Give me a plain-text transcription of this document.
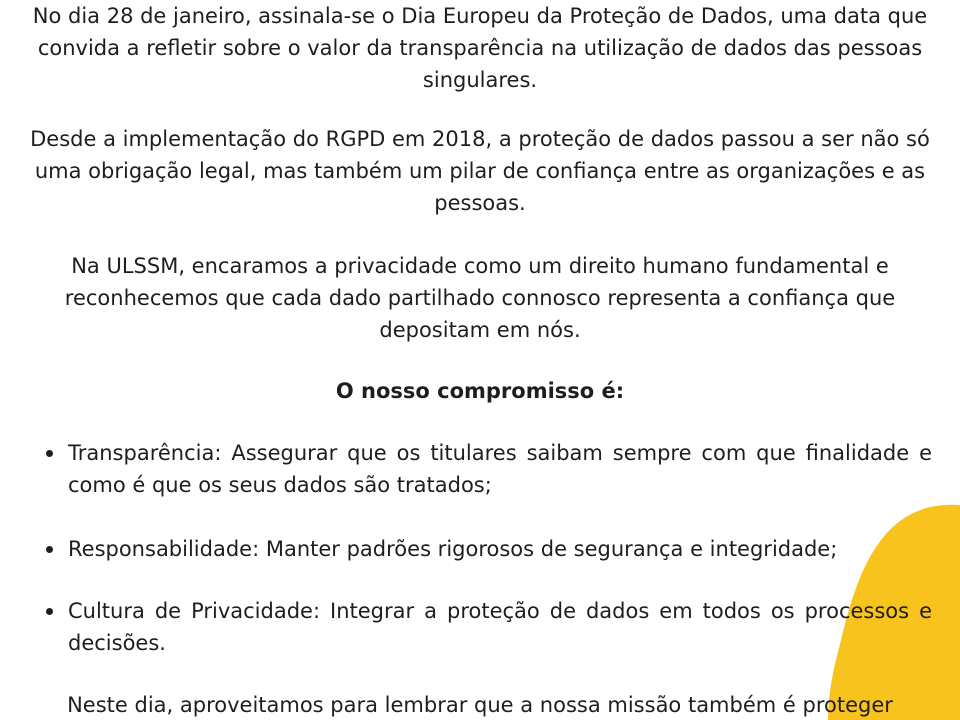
No dia 28 de janeiro, assinala-se o Dia Europeu da Proteção de Dados, uma data que convida a refletir sobre o valor da transparência na utilização de dados das pessoas singulares.

Desde a implementação do RGPD em 2018, a proteção de dados passou a ser não só uma obrigação legal, mas também um pilar de confiança entre as organizações e as pessoas.

Na ULSSM, encaramos a privacidade como um direito humano fundamental e reconhecemos que cada dado partilhado connosco representa a confiança que depositam em nós.

O nosso compromisso é:

Transparência: Assegurar que os titulares saibam sempre com que finalidade e como é que os seus dados são tratados;
Responsabilidade: Manter padrões rigorosos de segurança e integridade;
Cultura de Privacidade: Integrar a proteção de dados em todos os processos e decisões.

Neste dia, aproveitamos para lembrar que a nossa missão também é proteger
